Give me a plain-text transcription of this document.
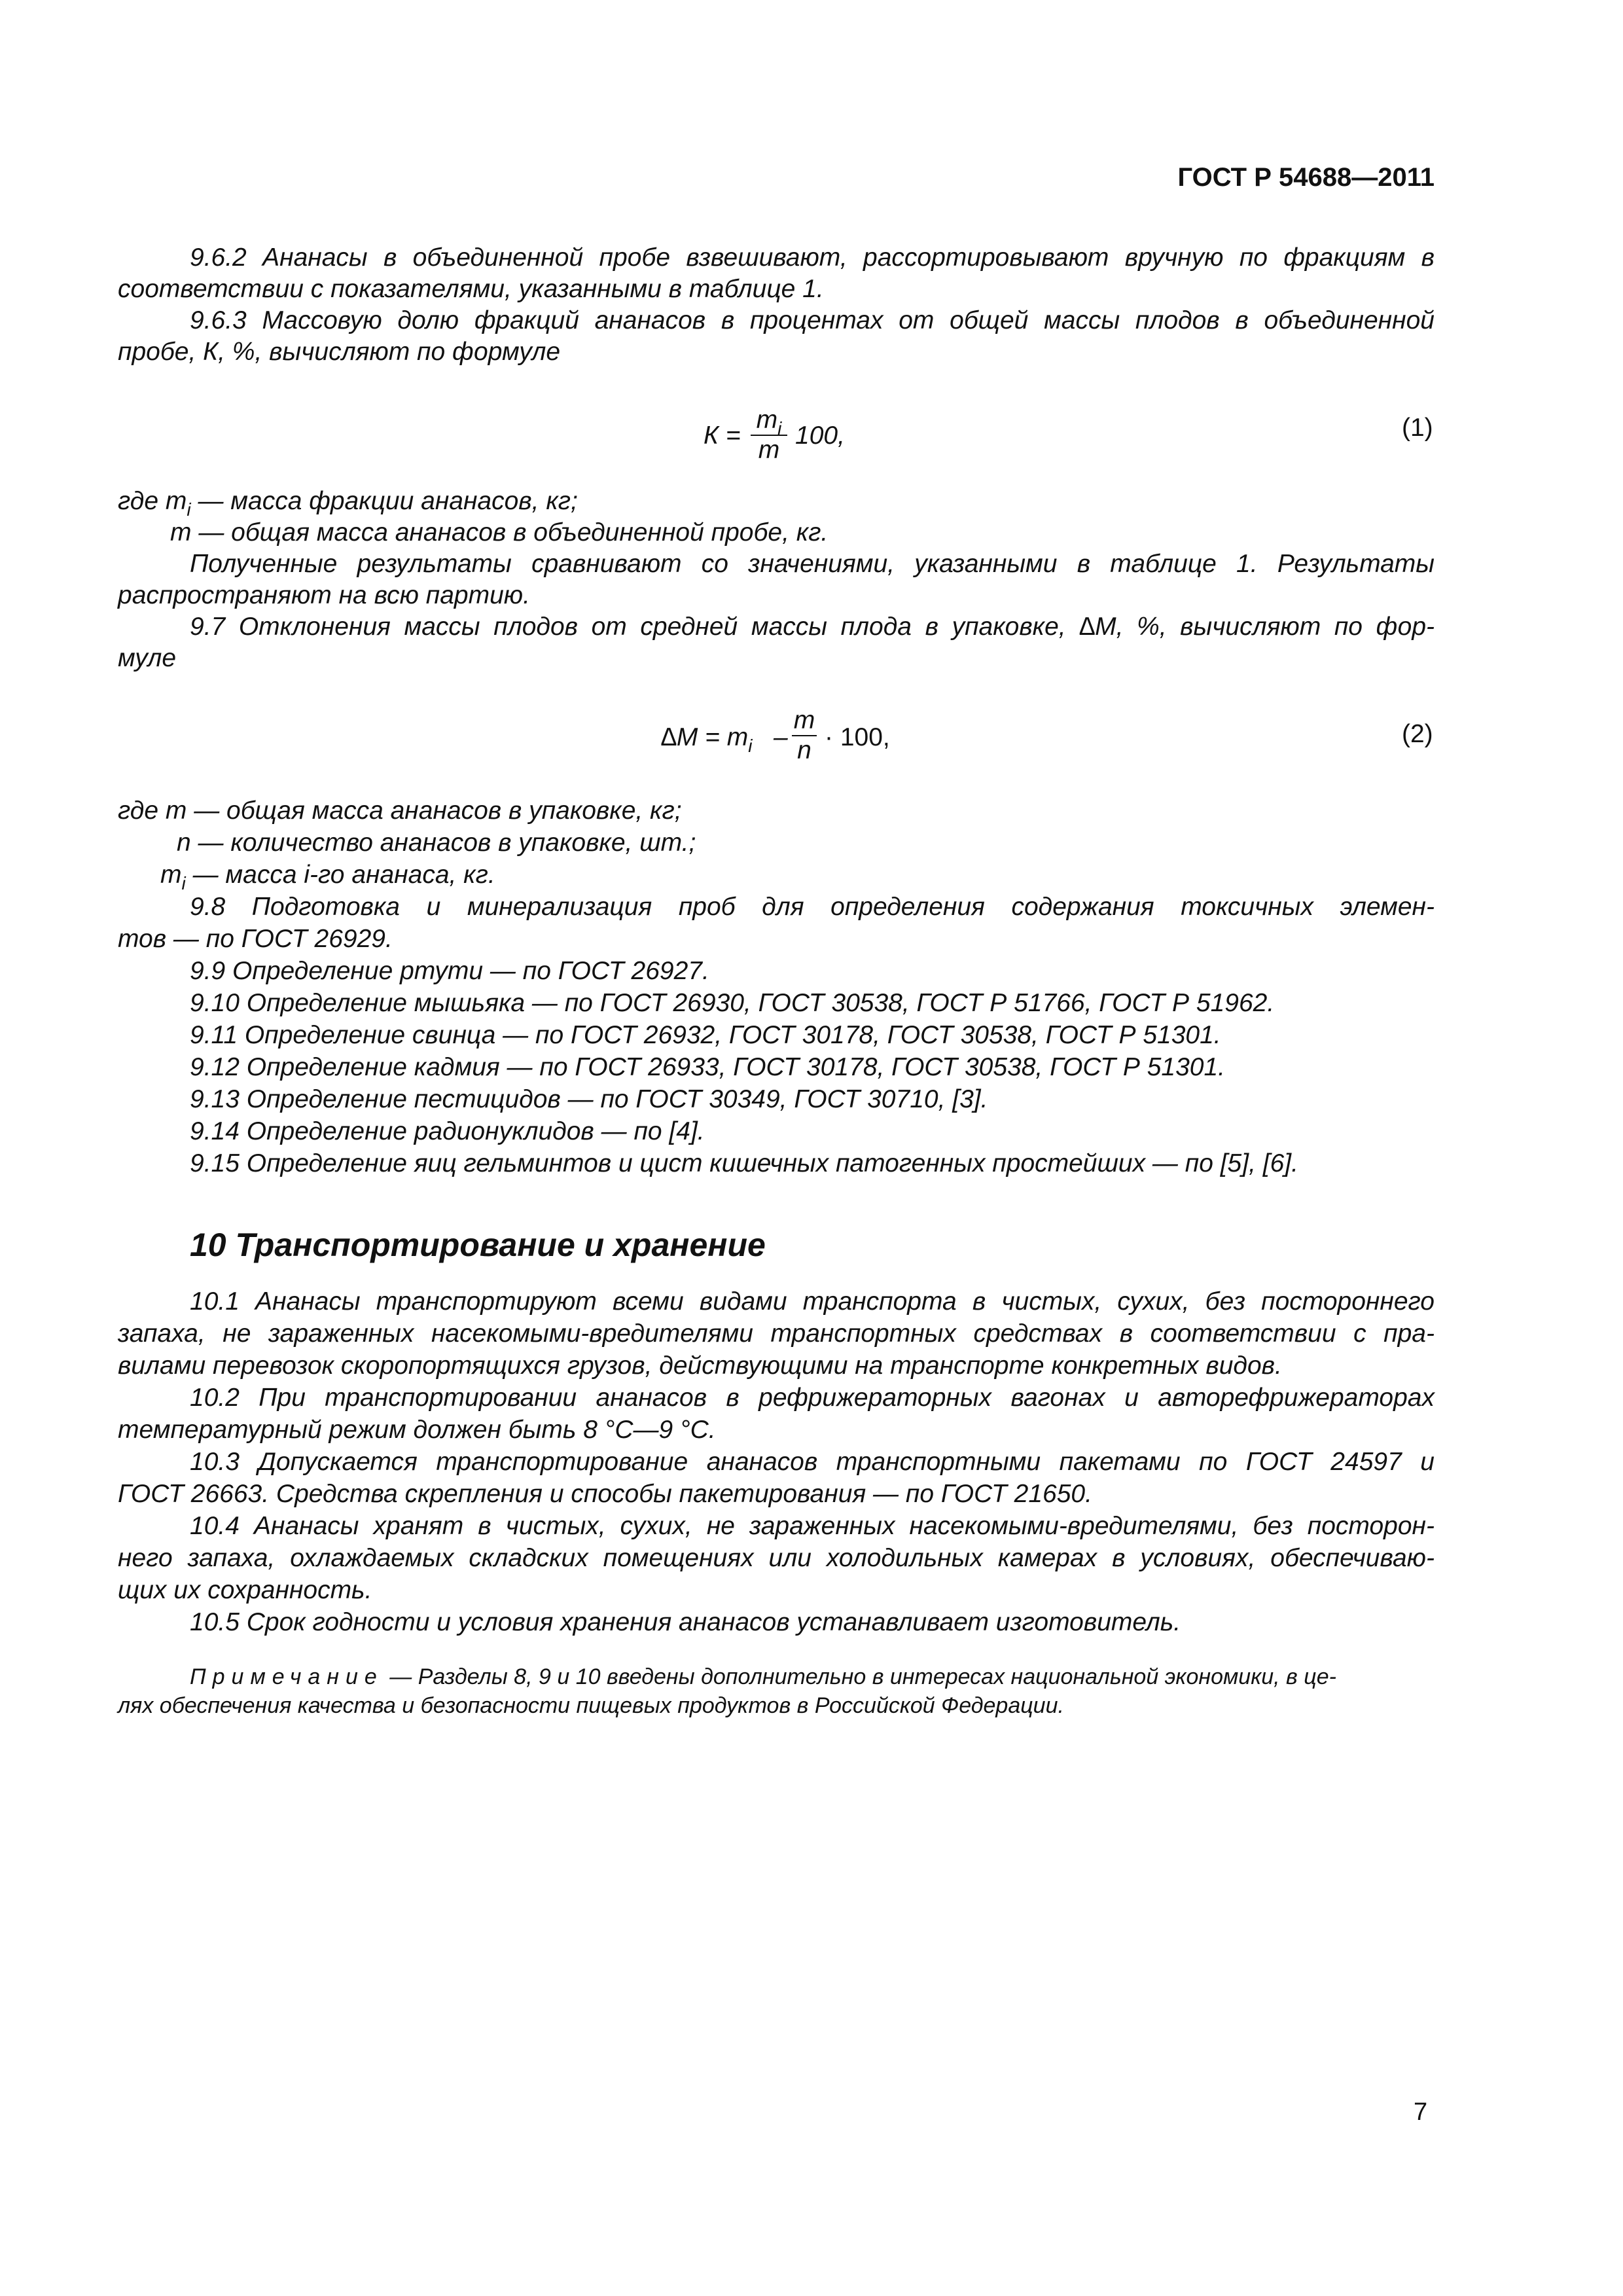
ГОСТ Р 54688—2011
9.6.2 Ананасы в объединенной пробе взвешивают, рассортировывают вручную по фракциям в
соответствии с показателями, указанными в таблице 1.
9.6.3 Массовую долю фракций ананасов в процентах от общей массы плодов в объединенной
пробе, К, %, вычисляют по формуле
К =
$m_i$
m
100,	(1)
где $m_i$ — масса фракции ананасов, кг;
m — общая масса ананасов в объединенной пробе, кг.
Полученные результаты сравнивают со значениями, указанными в таблице 1. Результаты
распространяют на всю партию.
9.7 Отклонения массы плодов от средней массы плода в упаковке, ∆М, %, вычисляют по фор-
муле
$\Delta M = m_i$ –
m
n · 100,	(2)
где m — общая масса ананасов в упаковке, кг;
n — количество ананасов в упаковке, шт.;
$m_i$ — масса i-го ананаса, кг.
9.8 Подготовка и минерализация проб для определения содержания токсичных элемен-
тов — по ГОСТ 26929.
9.9 Определение ртути — по ГОСТ 26927.
9.10 Определение мышьяка — по ГОСТ 26930, ГОСТ 30538, ГОСТ Р 51766, ГОСТ Р 51962.
9.11 Определение свинца — по ГОСТ 26932, ГОСТ 30178, ГОСТ 30538, ГОСТ Р 51301.
9.12 Определение кадмия — по ГОСТ 26933, ГОСТ 30178, ГОСТ 30538, ГОСТ Р 51301.
9.13 Определение пестицидов — по ГОСТ 30349, ГОСТ 30710, [3].
9.14 Определение радионуклидов — по [4].
9.15 Определение яиц гельминтов и цист кишечных патогенных простейших — по [5], [6].
10 Транспортирование и хранение
10.1 Ананасы транспортируют всеми видами транспорта в чистых, сухих, без постороннего
запаха, не зараженных насекомыми-вредителями транспортных средствах в соответствии с пра-
вилами перевозок скоропортящихся грузов, действующими на транспорте конкретных видов.
10.2 При транспортировании ананасов в рефрижераторных вагонах и авторефрижераторах
температурный режим должен быть 8 °С—9 °С.
10.3 Допускается транспортирование ананасов транспортными пакетами по ГОСТ 24597 и
ГОСТ 26663. Средства скрепления и способы пакетирования — по ГОСТ 21650.
10.4 Ананасы хранят в чистых, сухих, не зараженных насекомыми-вредителями, без посторон-
него запаха, охлаждаемых складских помещениях или холодильных камерах в условиях, обеспечиваю-
щих их сохранность.
10.5 Срок годности и условия хранения ананасов устанавливает изготовитель.
Примечание — Разделы 8, 9 и 10 введены дополнительно в интересах национальной экономики, в це-
лях обеспечения качества и безопасности пищевых продуктов в Российской Федерации.
7
